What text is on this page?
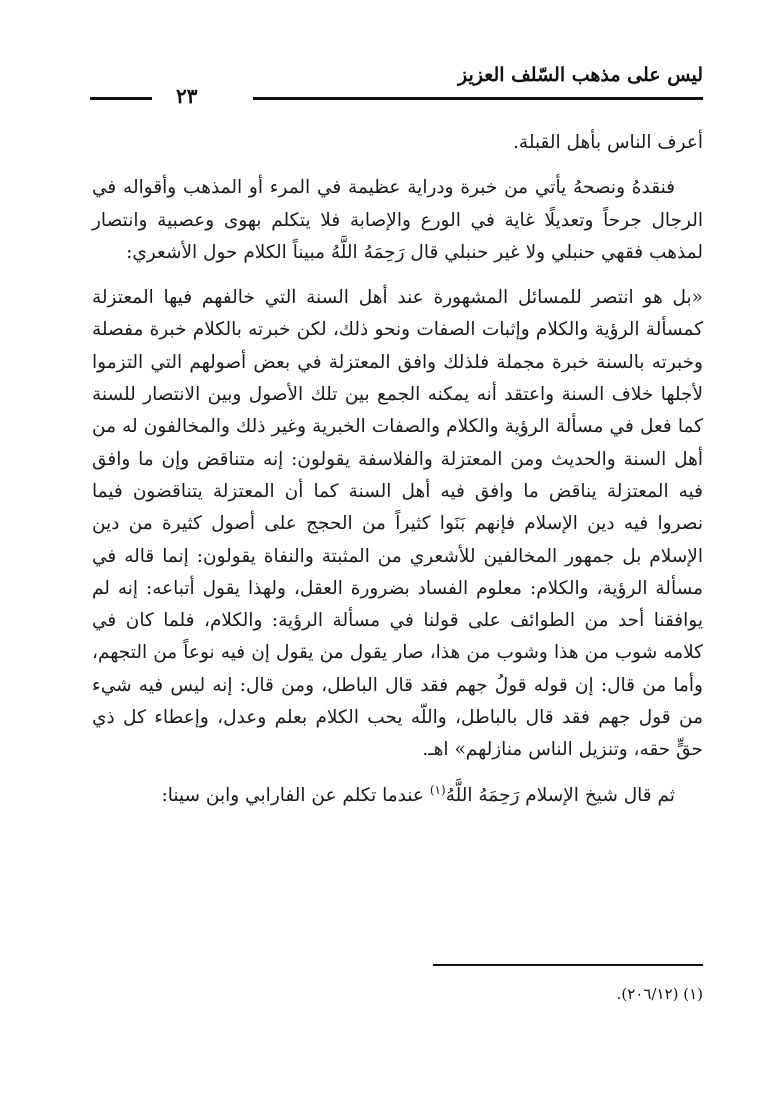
ليس على مذهب السّلف العزيز
٢٣

أعرف الناس بأهل القبلة.

فنقدهُ ونصحهُ يأتي من خبرة ودراية عظيمة في المرء أو المذهب وأقواله في الرجال جرحاً وتعديلًا غاية في الورع والإصابة فلا يتكلم بهوى وعصبية وانتصار لمذهب فقهي حنبلي ولا غير حنبلي قال رَحِمَهُ اللَّهُ مبيناً الكلام حول الأشعري:

«بل هو انتصر للمسائل المشهورة عند أهل السنة التي خالفهم فيها المعتزلة كمسألة الرؤية والكلام وإثبات الصفات ونحو ذلك، لكن خبرته بالكلام خبرة مفصلة وخبرته بالسنة خبرة مجملة فلذلك وافق المعتزلة في بعض أصولهم التي التزموا لأجلها خلاف السنة واعتقد أنه يمكنه الجمع بين تلك الأصول وبين الانتصار للسنة كما فعل في مسألة الرؤية والكلام والصفات الخبرية وغير ذلك والمخالفون له من أهل السنة والحديث ومن المعتزلة والفلاسفة يقولون: إنه متناقض وإن ما وافق فيه المعتزلة يناقض ما وافق فيه أهل السنة كما أن المعتزلة يتناقضون فيما نصروا فيه دين الإسلام فإنهم بَنَوا كثيراً من الحجج على أصول كثيرة من دين الإسلام بل جمهور المخالفين للأشعري من المثبتة والنفاة يقولون: إنما قاله في مسألة الرؤية، والكلام: معلوم الفساد بضرورة العقل، ولهذا يقول أتباعه: إنه لم يوافقنا أحد من الطوائف على قولنا في مسألة الرؤية: والكلام، فلما كان في كلامه شوب من هذا وشوب من هذا، صار يقول من يقول إن فيه نوعاً من التجهم، وأما من قال: إن قوله قولُ جهم فقد قال الباطل، ومن قال: إنه ليس فيه شيء من قول جهم فقد قال بالباطل، واللّه يحب الكلام بعلم وعدل، وإعطاء كل ذي حقٍّ حقه، وتنزيل الناس منازلهم» اهـ.

ثم قال شيخ الإسلام رَحِمَهُ اللَّهُ$^{(١)}$ عندما تكلم عن الفارابي وابن سينا:

(١) (٢٠٦/١٢).
